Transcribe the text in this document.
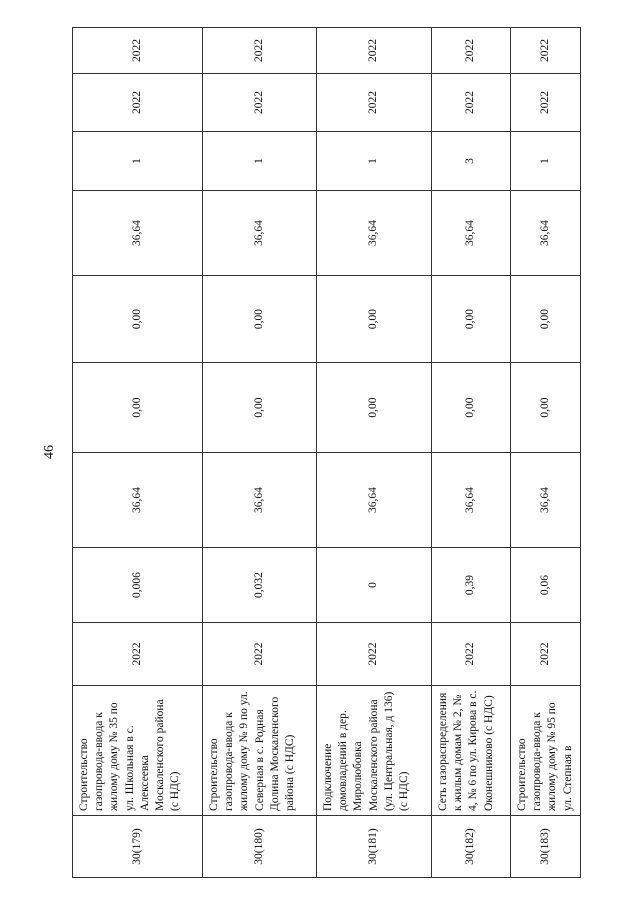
46
30(179)	Строительство газопровода-ввода к жилому дому № 35 по ул. Школьная в с. Алексеевка Москаленского района (с НДС)	2022	0,006	36,64	0,00	0,00	36,64	1	2022	2022
30(180)	Строительство газопровода-ввода к жилому дому № 9 по ул. Северная в с. Родная Долина Москаленского района (с НДС)	2022	0,032	36,64	0,00	0,00	36,64	1	2022	2022
30(181)	Подключение домовладений в дер. Миролюбовка Москаленского района (ул. Центральная, д 136) (с НДС)	2022	0	36,64	0,00	0,00	36,64	1	2022	2022
30(182)	Сеть газораспределения к жилым домам № 2, № 4, № 6 по ул. Кирова в с. Оконешниково (с НДС)	2022	0,39	36,64	0,00	0,00	36,64	3	2022	2022
30(183)	Строительство газопровода-ввода к жилому дому № 95 по ул. Степная в	2022	0,06	36,64	0,00	0,00	36,64	1	2022	2022
